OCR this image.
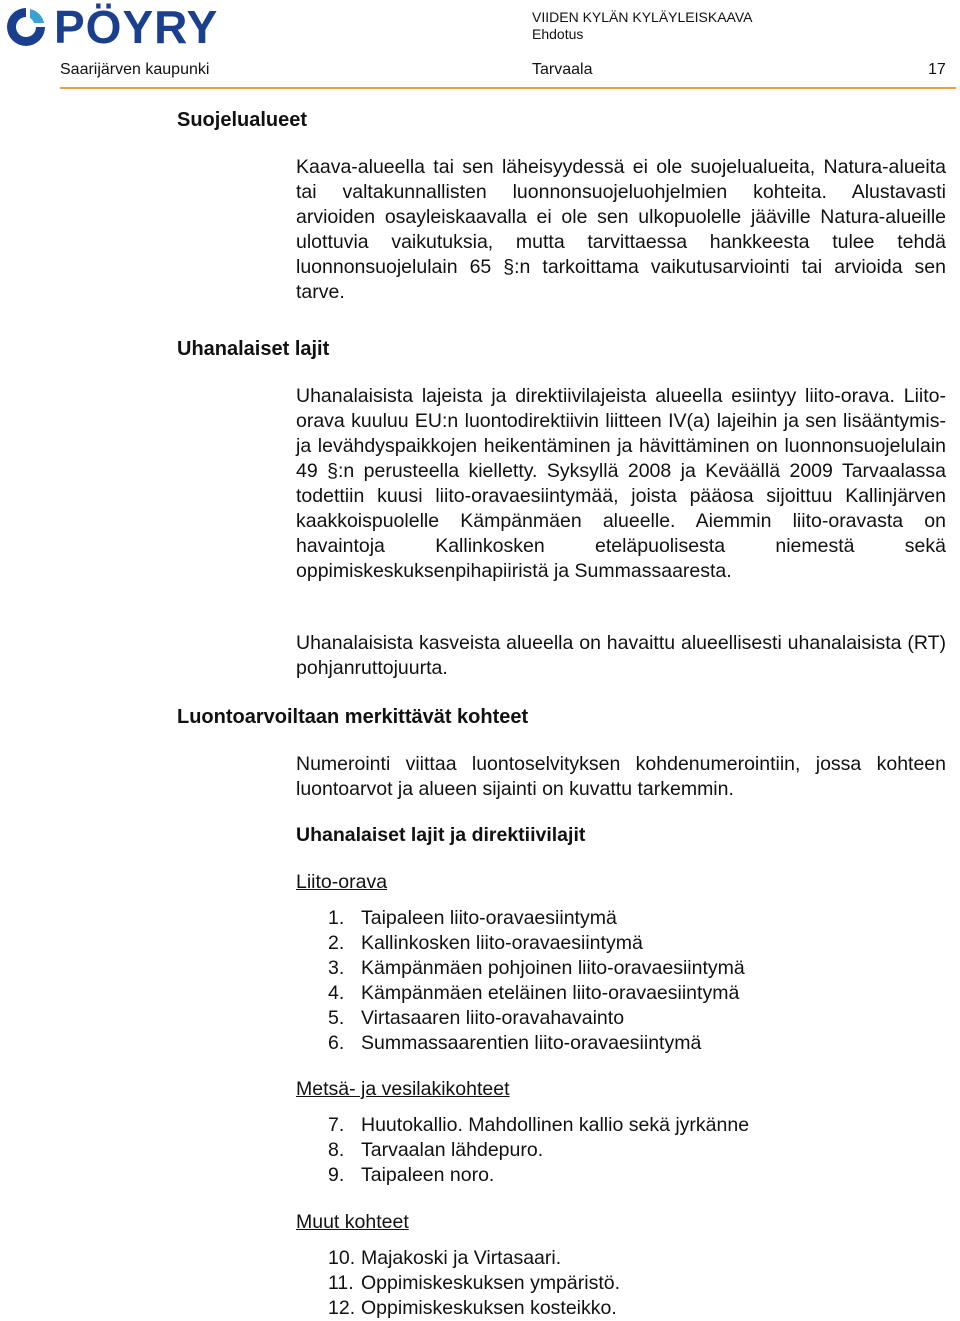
PÖYRY	VIIDEN KYLÄN KYLÄYLEISKAAVA
Ehdotus
Saarijärven kaupunki	Tarvaala	17
Suojelualueet

Kaava-alueella tai sen läheisyydessä ei ole suojelualueita, Natura-alueita tai valtakunnallisten luonnonsuojeluohjelmien kohteita. Alustavasti arvioiden osayleiskaavalla ei ole sen ulkopuolelle jääville Natura-alueille ulottuvia vaikutuksia, mutta tarvittaessa hankkeesta tulee tehdä luonnonsuojelulain 65 §:n tarkoittama vaikutusarviointi tai arvioida sen tarve.

Uhanalaiset lajit

Uhanalaisista lajeista ja direktiivilajeista alueella esiintyy liito-orava. Liito-orava kuuluu EU:n luontodirektiivin liitteen IV(a) lajeihin ja sen lisääntymis- ja levähdyspaikkojen heikentäminen ja hävittäminen on luonnonsuojelulain 49 §:n perusteella kielletty. Syksyllä 2008 ja Keväällä 2009 Tarvaalassa todettiin kuusi liito-oravaesiintymää, joista pääosa sijoittuu Kallinjärven kaakkoispuolelle Kämpänmäen alueelle. Aiemmin liito-oravasta on havaintoja Kallinkosken eteläpuolisesta niemestä sekä oppimiskeskuksenpihapiiristä ja Summassaaresta.

Uhanalaisista kasveista alueella on havaittu alueellisesti uhanalaisista (RT) pohjanruttojuurta.

Luontoarvoiltaan merkittävät kohteet

Numerointi viittaa luontoselvityksen kohdenumerointiin, jossa kohteen luontoarvot ja alueen sijainti on kuvattu tarkemmin.

Uhanalaiset lajit ja direktiivilajit
Liito-orava
1. Taipaleen liito-oravaesiintymä
2. Kallinkosken liito-oravaesiintymä
3. Kämpänmäen pohjoinen liito-oravaesiintymä
4. Kämpänmäen eteläinen liito-oravaesiintymä
5. Virtasaaren liito-oravahavainto
6. Summassaarentien liito-oravaesiintymä
Metsä- ja vesilakikohteet
7. Huutokallio. Mahdollinen kallio sekä jyrkänne
8. Tarvaalan lähdepuro.
9. Taipaleen noro.
Muut kohteet
10. Majakoski ja Virtasaari.
11. Oppimiskeskuksen ympäristö.
12. Oppimiskeskuksen kosteikko.
